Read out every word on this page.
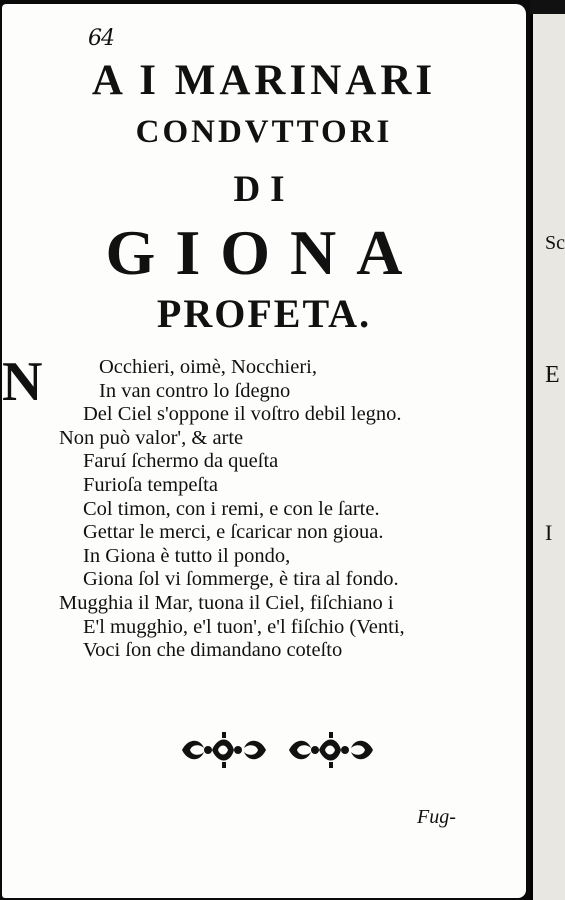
64
A I MARINARI
CONDVTTORI
DI
GIONA
PROFETA.
N	Occhieri, oimè, Nocchieri,
In van contro lo ſdegno
Del Ciel s'oppone il voſtro debil legno.
Non può valor', & arte
Faruí ſchermo da queſta
Furioſa tempeſta
Col timon, con i remi, e con le ſarte.
Gettar le merci, e ſcaricar non gioua.
In Giona è tutto il pondo,
Giona ſol vi ſommerge, è tira al fondo.
Mugghia il Mar, tuona il Ciel, fiſchiano i
E'l mugghio, e'l tuon', e'l fiſchio (Venti,
Voci ſon che dimandano coteſto
Fug-
Sc
E
I
